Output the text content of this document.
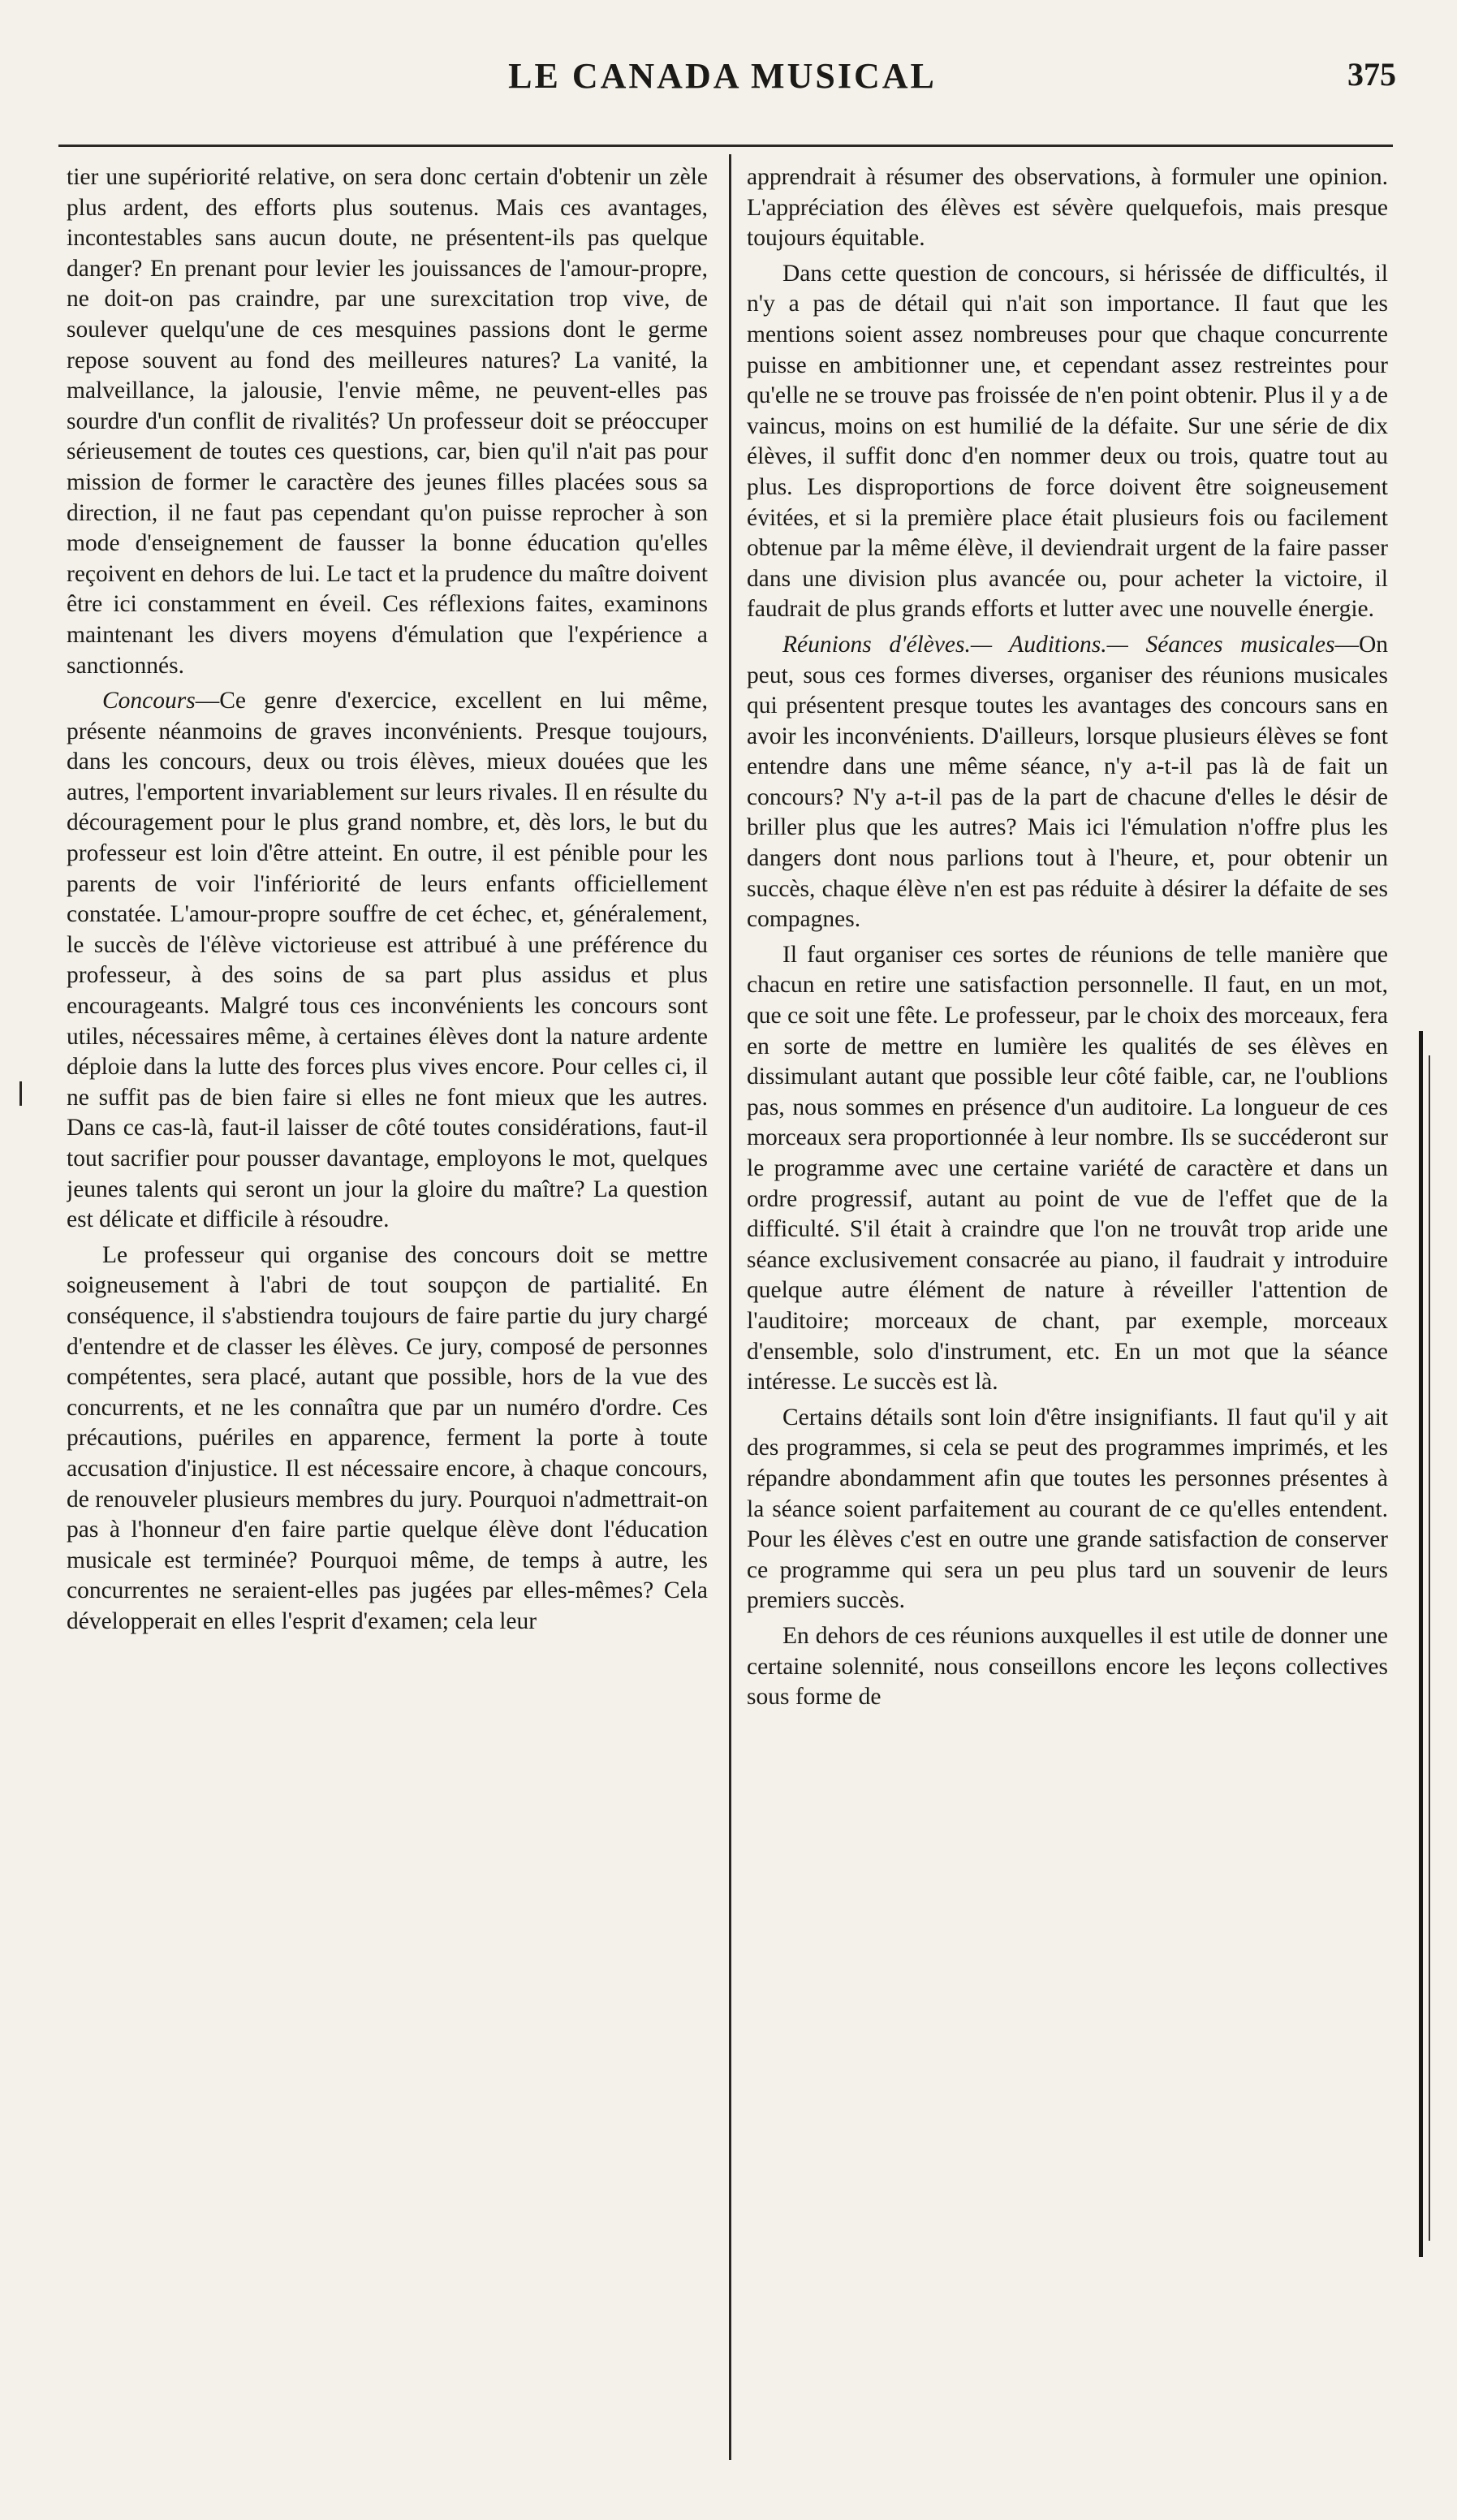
LE CANADA MUSICAL	375

tier une supériorité relative, on sera donc certain d'obtenir un zèle plus ardent, des efforts plus soutenus. Mais ces avantages, incontestables sans aucun doute, ne présentent-ils pas quelque danger? En prenant pour levier les jouissances de l'amour-propre, ne doit-on pas craindre, par une surexcitation trop vive, de soulever quelqu'une de ces mesquines passions dont le germe repose souvent au fond des meilleures natures? La vanité, la malveillance, la jalousie, l'envie même, ne peuvent-elles pas sourdre d'un conflit de rivalités? Un professeur doit se préoccuper sérieusement de toutes ces questions, car, bien qu'il n'ait pas pour mission de former le caractère des jeunes filles placées sous sa direction, il ne faut pas cependant qu'on puisse reprocher à son mode d'enseignement de fausser la bonne éducation qu'elles reçoivent en dehors de lui. Le tact et la prudence du maître doivent être ici constamment en éveil. Ces réflexions faites, examinons maintenant les divers moyens d'émulation que l'expérience a sanctionnés.

Concours—Ce genre d'exercice, excellent en lui même, présente néanmoins de graves inconvénients. Presque toujours, dans les concours, deux ou trois élèves, mieux douées que les autres, l'emportent invariablement sur leurs rivales. Il en résulte du découragement pour le plus grand nombre, et, dès lors, le but du professeur est loin d'être atteint. En outre, il est pénible pour les parents de voir l'infériorité de leurs enfants officiellement constatée. L'amour-propre souffre de cet échec, et, généralement, le succès de l'élève victorieuse est attribué à une préférence du professeur, à des soins de sa part plus assidus et plus encourageants. Malgré tous ces inconvénients les concours sont utiles, nécessaires même, à certaines élèves dont la nature ardente déploie dans la lutte des forces plus vives encore. Pour celles ci, il ne suffit pas de bien faire si elles ne font mieux que les autres. Dans ce cas-là, faut-il laisser de côté toutes considérations, faut-il tout sacrifier pour pousser davantage, employons le mot, quelques jeunes talents qui seront un jour la gloire du maître? La question est délicate et difficile à résoudre.

Le professeur qui organise des concours doit se mettre soigneusement à l'abri de tout soupçon de partialité. En conséquence, il s'abstiendra toujours de faire partie du jury chargé d'entendre et de classer les élèves. Ce jury, composé de personnes compétentes, sera placé, autant que possible, hors de la vue des concurrents, et ne les connaîtra que par un numéro d'ordre. Ces précautions, puériles en apparence, ferment la porte à toute accusation d'injustice. Il est nécessaire encore, à chaque concours, de renouveler plusieurs membres du jury. Pourquoi n'admettrait-on pas à l'honneur d'en faire partie quelque élève dont l'éducation musicale est terminée? Pourquoi même, de temps à autre, les concurrentes ne seraient-elles pas jugées par elles-mêmes? Cela développerait en elles l'esprit d'examen; cela leur

apprendrait à résumer des observations, à formuler une opinion. L'appréciation des élèves est sévère quelquefois, mais presque toujours équitable.

Dans cette question de concours, si hérissée de difficultés, il n'y a pas de détail qui n'ait son importance. Il faut que les mentions soient assez nombreuses pour que chaque concurrente puisse en ambitionner une, et cependant assez restreintes pour qu'elle ne se trouve pas froissée de n'en point obtenir. Plus il y a de vaincus, moins on est humilié de la défaite. Sur une série de dix élèves, il suffit donc d'en nommer deux ou trois, quatre tout au plus. Les disproportions de force doivent être soigneusement évitées, et si la première place était plusieurs fois ou facilement obtenue par la même élève, il deviendrait urgent de la faire passer dans une division plus avancée ou, pour acheter la victoire, il faudrait de plus grands efforts et lutter avec une nouvelle énergie.

Réunions d'élèves.— Auditions.— Séances musicales—On peut, sous ces formes diverses, organiser des réunions musicales qui présentent presque toutes les avantages des concours sans en avoir les inconvénients. D'ailleurs, lorsque plusieurs élèves se font entendre dans une même séance, n'y a-t-il pas là de fait un concours? N'y a-t-il pas de la part de chacune d'elles le désir de briller plus que les autres? Mais ici l'émulation n'offre plus les dangers dont nous parlions tout à l'heure, et, pour obtenir un succès, chaque élève n'en est pas réduite à désirer la défaite de ses compagnes.

Il faut organiser ces sortes de réunions de telle manière que chacun en retire une satisfaction personnelle. Il faut, en un mot, que ce soit une fête. Le professeur, par le choix des morceaux, fera en sorte de mettre en lumière les qualités de ses élèves en dissimulant autant que possible leur côté faible, car, ne l'oublions pas, nous sommes en présence d'un auditoire. La longueur de ces morceaux sera proportionnée à leur nombre. Ils se succéderont sur le programme avec une certaine variété de caractère et dans un ordre progressif, autant au point de vue de l'effet que de la difficulté. S'il était à craindre que l'on ne trouvât trop aride une séance exclusivement consacrée au piano, il faudrait y introduire quelque autre élément de nature à réveiller l'attention de l'auditoire; morceaux de chant, par exemple, morceaux d'ensemble, solo d'instrument, etc. En un mot que la séance intéresse. Le succès est là.

Certains détails sont loin d'être insignifiants. Il faut qu'il y ait des programmes, si cela se peut des programmes imprimés, et les répandre abondamment afin que toutes les personnes présentes à la séance soient parfaitement au courant de ce qu'elles entendent. Pour les élèves c'est en outre une grande satisfaction de conserver ce programme qui sera un peu plus tard un souvenir de leurs premiers succès.

En dehors de ces réunions auxquelles il est utile de donner une certaine solennité, nous conseillons encore les leçons collectives sous forme de
